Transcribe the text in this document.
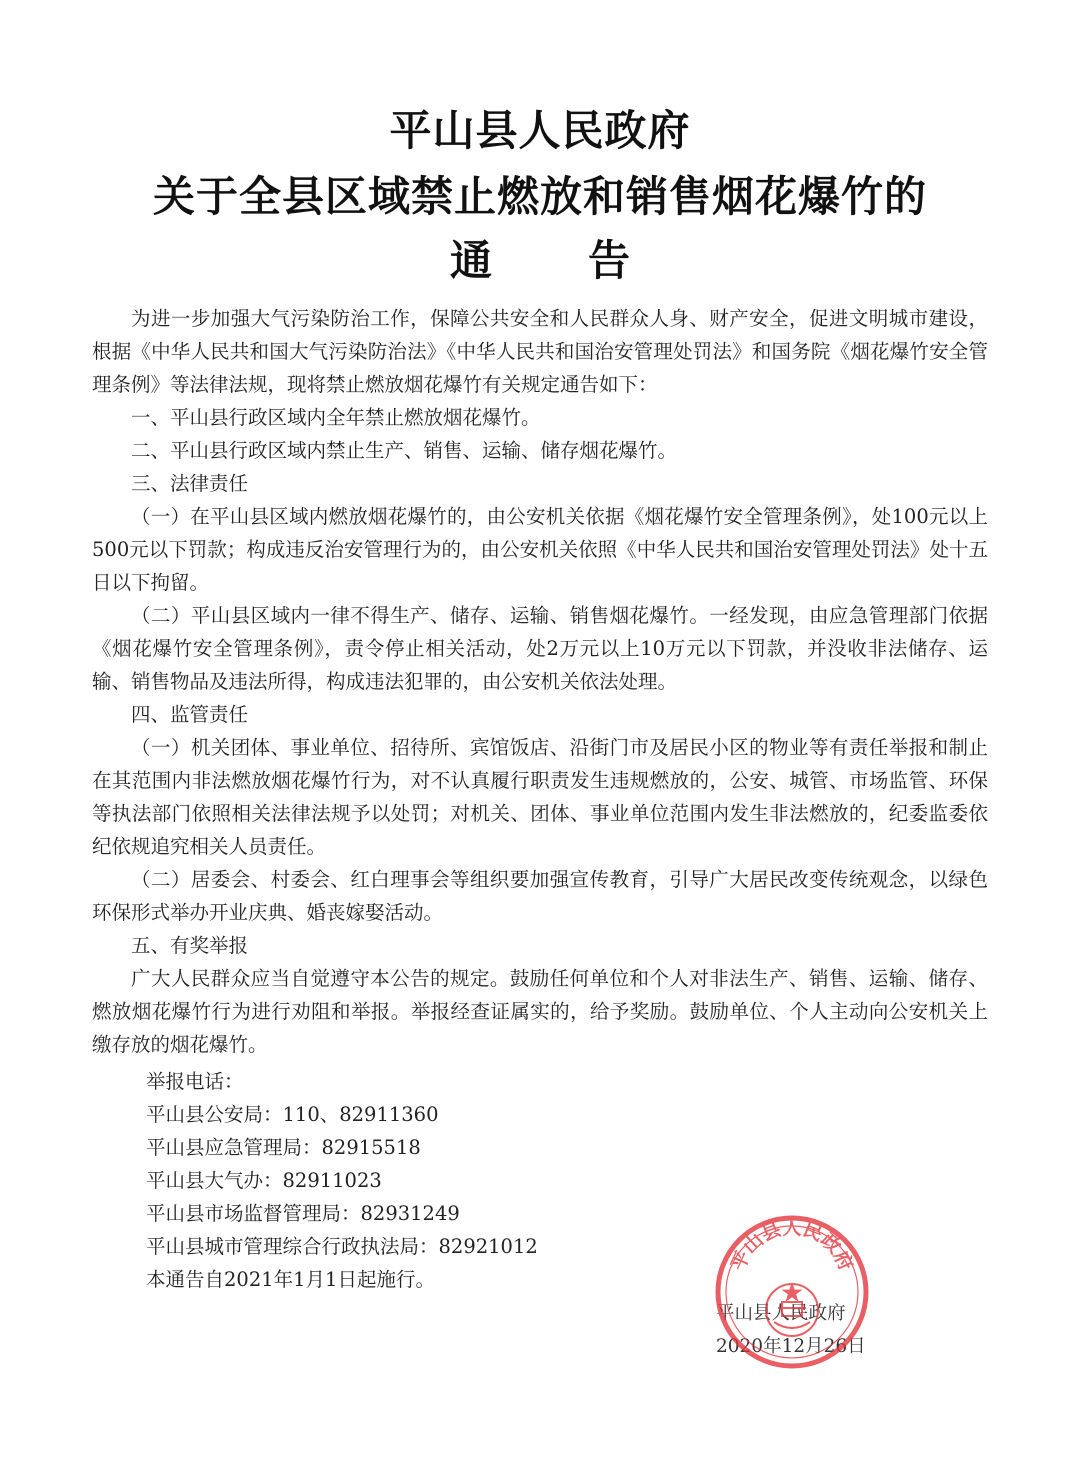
平山县人民政府
关于全县区域禁止燃放和销售烟花爆竹的
通 告
为进一步加强大气污染防治工作，保障公共安全和人民群众人身、财产安全，促进文明城市建设，根据《中华人民共和国大气污染防治法》《中华人民共和国治安管理处罚法》和国务院《烟花爆竹安全管理条例》等法律法规，现将禁止燃放烟花爆竹有关规定通告如下：
一、平山县行政区域内全年禁止燃放烟花爆竹。
二、平山县行政区域内禁止生产、销售、运输、储存烟花爆竹。
三、法律责任
（一）在平山县区域内燃放烟花爆竹的，由公安机关依据《烟花爆竹安全管理条例》，处100元以上500元以下罚款；构成违反治安管理行为的，由公安机关依照《中华人民共和国治安管理处罚法》处十五日以下拘留。
（二）平山县区域内一律不得生产、储存、运输、销售烟花爆竹。一经发现，由应急管理部门依据《烟花爆竹安全管理条例》，责令停止相关活动，处2万元以上10万元以下罚款，并没收非法储存、运输、销售物品及违法所得，构成违法犯罪的，由公安机关依法处理。
四、监管责任
（一）机关团体、事业单位、招待所、宾馆饭店、沿街门市及居民小区的物业等有责任举报和制止在其范围内非法燃放烟花爆竹行为，对不认真履行职责发生违规燃放的，公安、城管、市场监管、环保等执法部门依照相关法律法规予以处罚；对机关、团体、事业单位范围内发生非法燃放的，纪委监委依纪依规追究相关人员责任。
（二）居委会、村委会、红白理事会等组织要加强宣传教育，引导广大居民改变传统观念，以绿色环保形式举办开业庆典、婚丧嫁娶活动。
五、有奖举报
广大人民群众应当自觉遵守本公告的规定。鼓励任何单位和个人对非法生产、销售、运输、储存、燃放烟花爆竹行为进行劝阻和举报。举报经查证属实的，给予奖励。鼓励单位、个人主动向公安机关上缴存放的烟花爆竹。
举报电话：
平山县公安局：110、82911360
平山县应急管理局：82915518
平山县大气办：82911023
平山县市场监督管理局：82931249
平山县城市管理综合行政执法局：82921012
本通告自2021年1月1日起施行。
平山县人民政府
2020年12月26日
平山县人民政府
